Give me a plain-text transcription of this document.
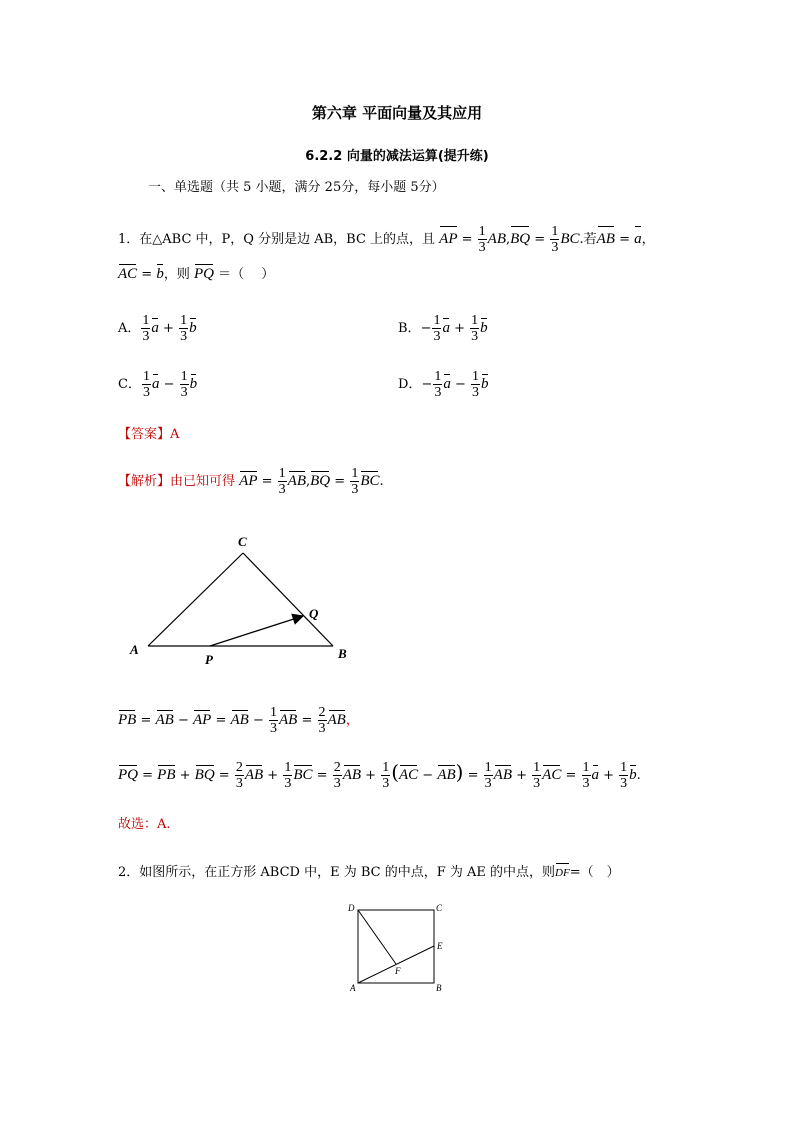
第六章 平面向量及其应用
6.2.2 向量的减法运算(提升练)
一、单选题（共 5 小题，满分 25分，每小题 5分）
1．在△ABC 中，P，Q 分别是边 AB，BC 上的点，且 AP = $\frac{1}{3} AB,BQ = \frac{1}{3}$ BC.若AB = a，
AC = b，则 PQ ＝（　 ）
A． $\frac{1}{3}$ $a + \frac{1}{3}$ b	B．− $\frac{1}{3}$ $a + \frac{1}{3}$ b
C． $\frac{1}{3}$ $a - \frac{1}{3}$ b	D．− $\frac{1}{3}$ $a - \frac{1}{3}$ b
【答案】A
【解析】由已知可得 AP = $\frac{1}{3} AB,BQ = \frac{1}{3}$ BC.
A	B
C
P
Q
PB = AB − AP = AB − $\frac{1}{3}$ AB = $\frac{2}{3}$ AB，
PQ = PB + BQ = $\frac{2}{3}$ AB + $\frac{1}{3}$ BC = $\frac{2}{3}$ AB + $\frac{1}{3} (AC - AB) = \frac{1}{3}$ AB + $\frac{1}{3}$ AC = $\frac{1}{3}$ $a + \frac{1}{3} b$.
故选：A.
2．如图所示，在正方形 ABCD 中，E 为 BC 的中点，F 为 AE 的中点，则DF=（　）
D	C
A	B
E
F
